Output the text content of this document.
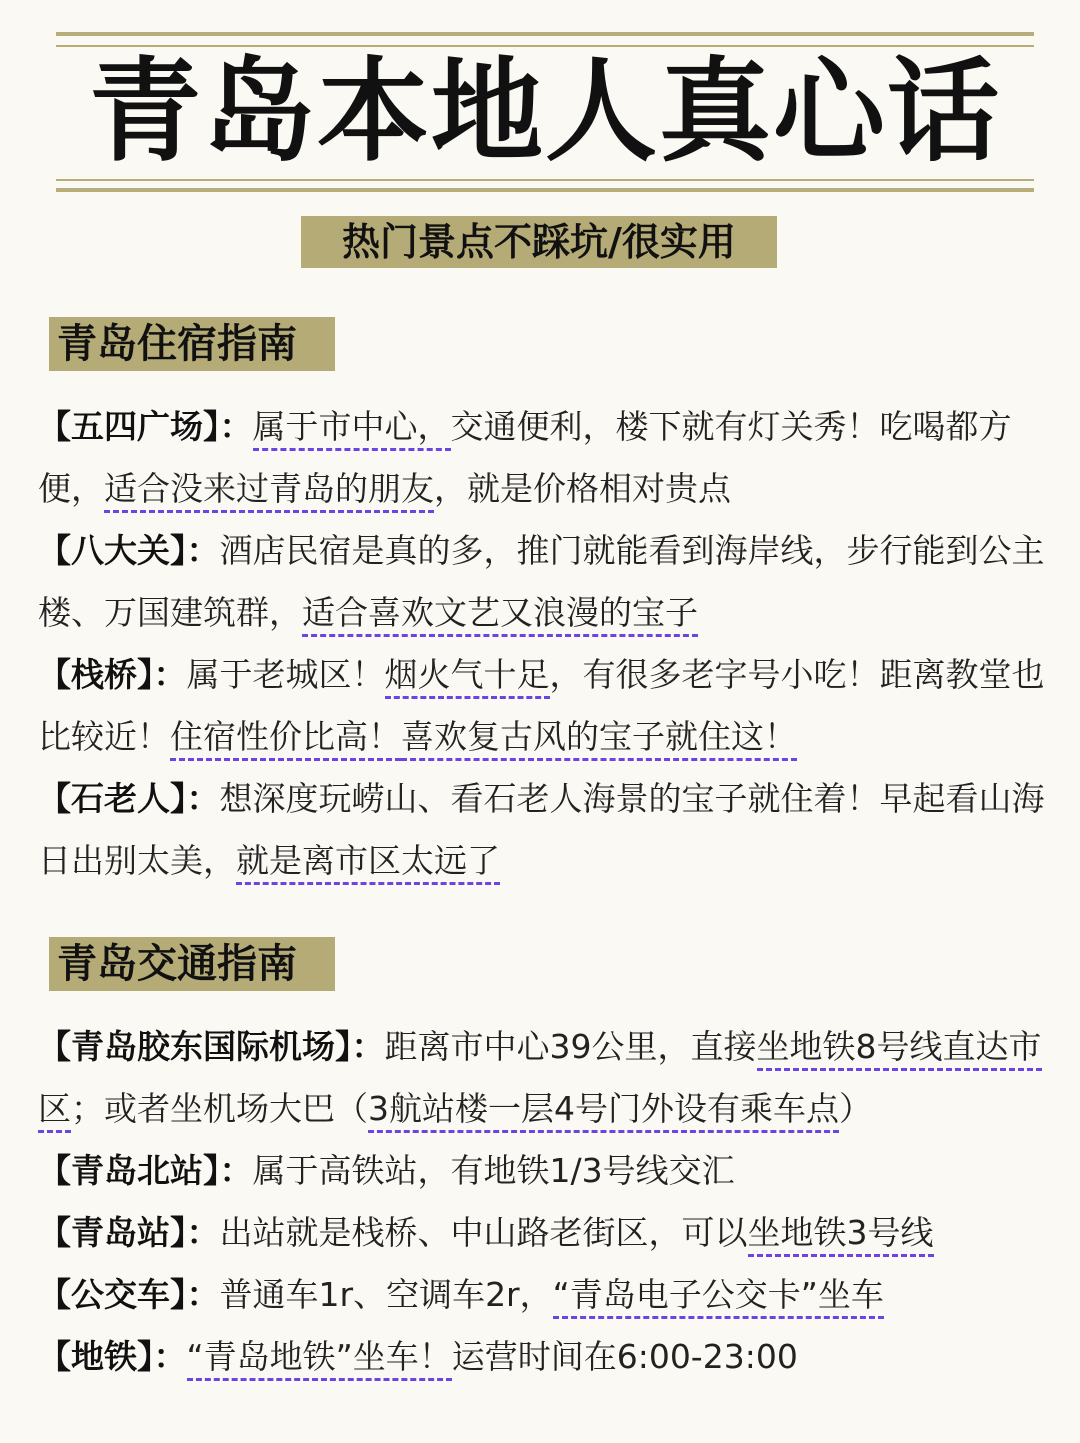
青岛本地人真心话
热门景点不踩坑/很实用
青岛住宿指南

【五四广场】：属于市中心，交通便利，楼下就有灯关秀！吃喝都方便，适合没来过青岛的朋友，就是价格相对贵点

【八大关】：酒店民宿是真的多，推门就能看到海岸线，步行能到公主楼、万国建筑群，适合喜欢文艺又浪漫的宝子

【栈桥】：属于老城区！烟火气十足，有很多老字号小吃！距离教堂也比较近！住宿性价比高！喜欢复古风的宝子就住这！

【石老人】：想深度玩崂山、看石老人海景的宝子就住着！早起看山海日出别太美，就是离市区太远了

青岛交通指南

【青岛胶东国际机场】：距离市中心39公里，直接坐地铁8号线直达市区；或者坐机场大巴（3航站楼一层4号门外设有乘车点）

【青岛北站】：属于高铁站，有地铁1/3号线交汇

【青岛站】：出站就是栈桥、中山路老街区，可以坐地铁3号线

【公交车】：普通车1r、空调车2r，“青岛电子公交卡”坐车

【地铁】：“青岛地铁”坐车！运营时间在6:00-23:00
